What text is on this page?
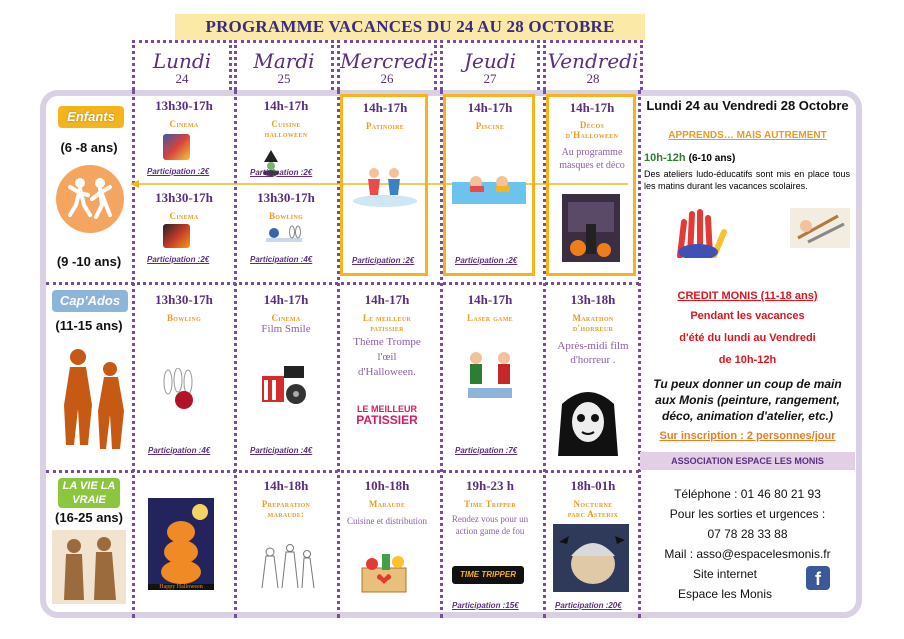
PROGRAMME VACANCES DU 24 AU 28 OCTOBRE
Lundi
24
Mardi
25
Mercredi
26
Jeudi
27
Vendredi
28
Enfants
(6 -8 ans)
(9 -10 ans)
Cap'Ados
(11-15 ans)
LA VIE LA
VRAIE
(16-25 ans)
13h30-17h
Cinema
Participation :2€
13h30-17h
Cinema
Participation :2€
14h-17h
Cuisine
halloween
Participation :2€
13h30-17h
Bowling
Participation :4€
14h-17h
Patinoire
Participation :2€
14h-17h
Piscine
Participation :2€
14h-17h
Décos
d'Halloween
Au programme masques et déco
13h30-17h
Bowling
Participation :4€
14h-17h
Cinema
Film Smile
Participation :4€
14h-17h
Le meilleur
patissier
Thème Trompe l'œil d'Halloween.
LE MEILLEUR
PATISSIER
14h-17h
Laser game
Participation :7€
13h-18h
Marathon
d'horreur
Après-midi film d'horreur .
Happy Halloween
14h-18h
Preparation
maraude:
10h-18h
Maraude
Cuisine et distribution
19h-23 h
Time Tripper
Rendez vous pour un action game de fou
TIME TRIPPER
Participation :15€
18h-01h
Nocturne
parc Asterix
Participation :20€
Lundi 24 au Vendredi 28 Octobre
APPRENDS… MAIS AUTREMENT
10h-12h (6-10 ans)
Des ateliers ludo-éducatifs sont mis en place tous les matins durant les vacances scolaires.
CREDIT MONIS (11-18 ans)
Pendant les vacances
d'été du lundi au Vendredi
de 10h-12h
Tu peux donner un coup de main aux Monis (peinture, rangement, déco, animation d'atelier, etc.)
Sur inscription : 2 personnes/jour
ASSOCIATION ESPACE LES MONIS
Téléphone : 01 46 80 21 93
Pour les sorties et urgences :
07 78 28 33 88
Mail : asso@espacelesmonis.fr
Site internet
Espace les Monis
f
